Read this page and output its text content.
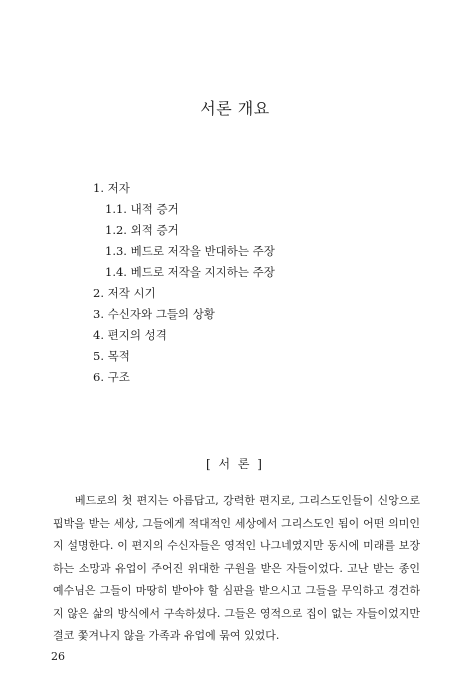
서론 개요
1. 저자
1.1. 내적 증거
1.2. 외적 증거
1.3. 베드로 저작을 반대하는 주장
1.4. 베드로 저작을 지지하는 주장
2. 저작 시기
3. 수신자와 그들의 상황
4. 편지의 성격
5. 목적
6. 구조
[ 서 론 ]

베드로의 첫 편지는 아름답고, 강력한 편지로, 그리스도인들이 신앙으로 핍박을 받는 세상, 그들에게 적대적인 세상에서 그리스도인 됨이 어떤 의미인지 설명한다. 이 편지의 수신자들은 영적인 나그네였지만 동시에 미래를 보장하는 소망과 유업이 주어진 위대한 구원을 받은 자들이었다. 고난 받는 종인 예수님은 그들이 마땅히 받아야 할 심판을 받으시고 그들을 무익하고 경건하지 않은 삶의 방식에서 구속하셨다. 그들은 영적으로 집이 없는 자들이었지만 결코 쫓겨나지 않을 가족과 유업에 묶여 있었다.

26
